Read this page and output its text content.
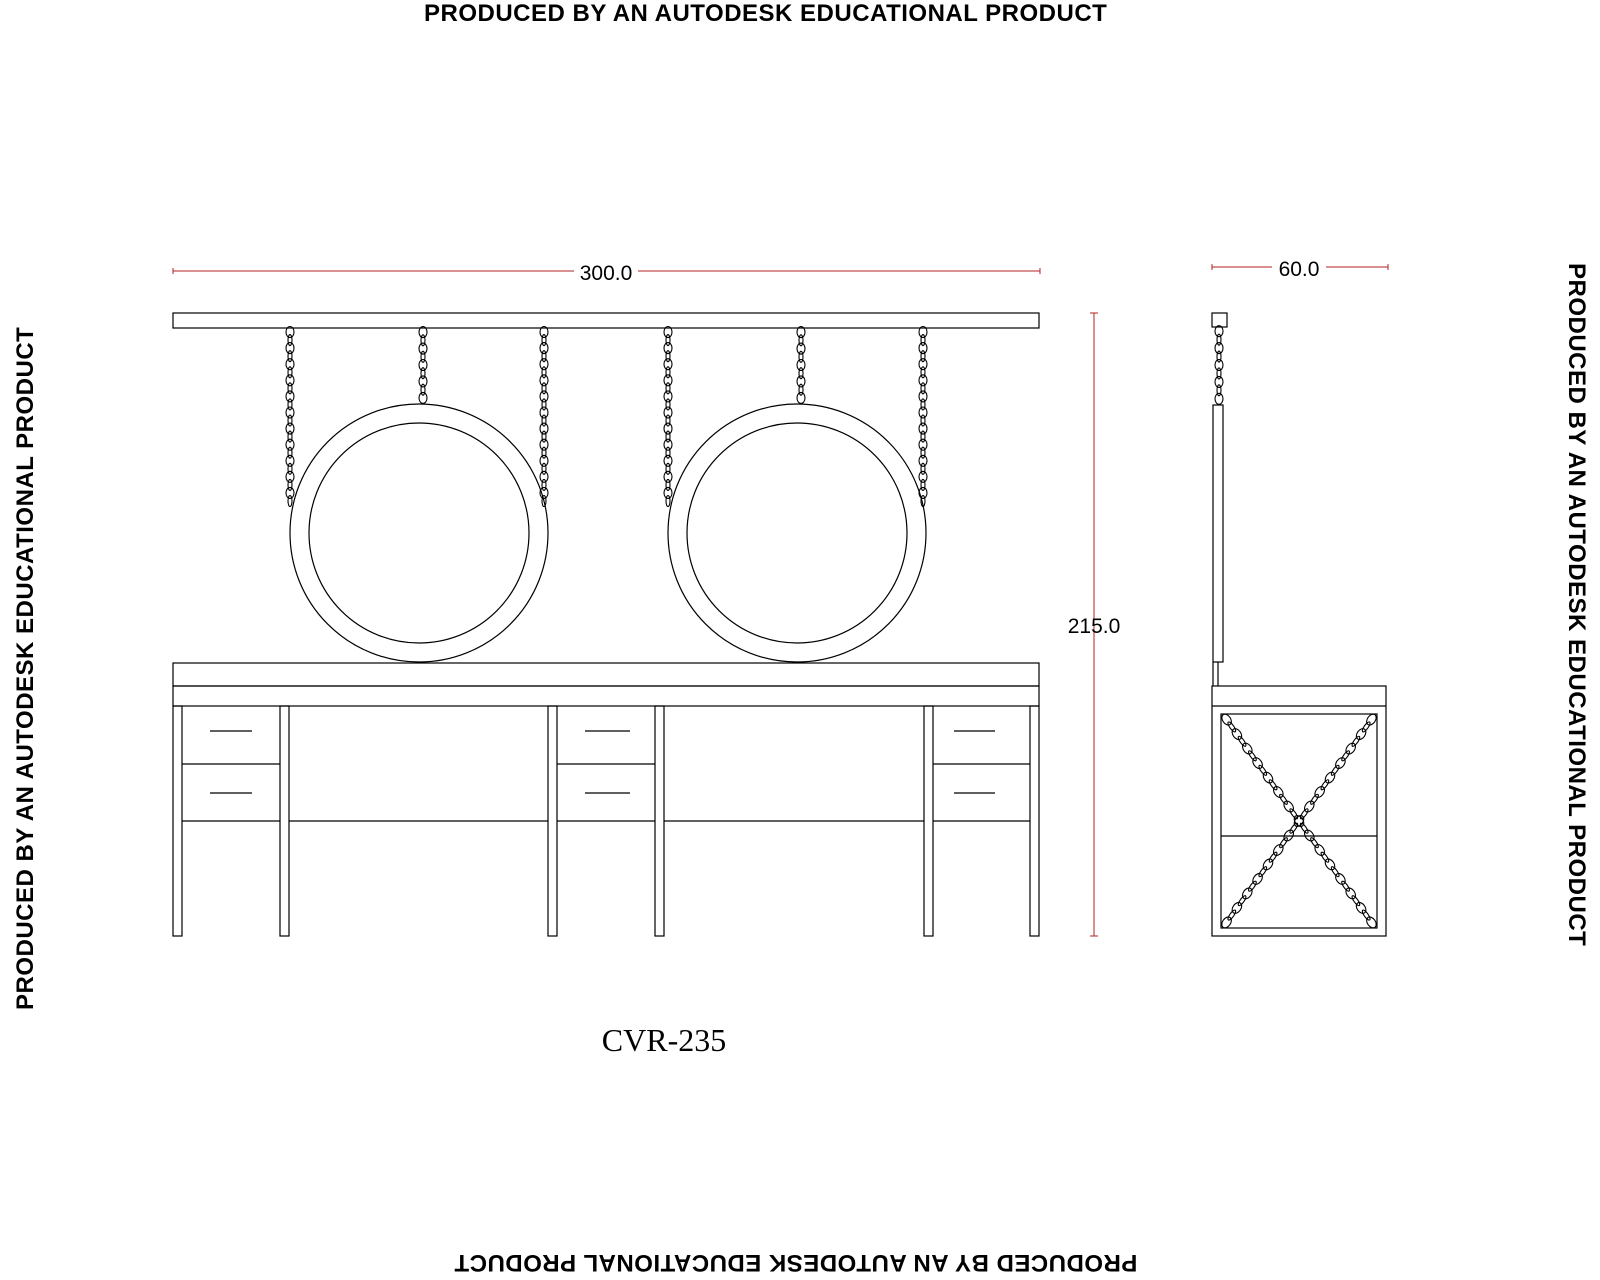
PRODUCED BY AN AUTODESK EDUCATIONAL PRODUCT
PRODUCED BY AN AUTODESK EDUCATIONAL PRODUCT
PRODUCED BY AN AUTODESK EDUCATIONAL PRODUCT	PRODUCED BY AN AUTODESK EDUCATIONAL PRODUCT
300.0	60.0
215.0
CVR-235
